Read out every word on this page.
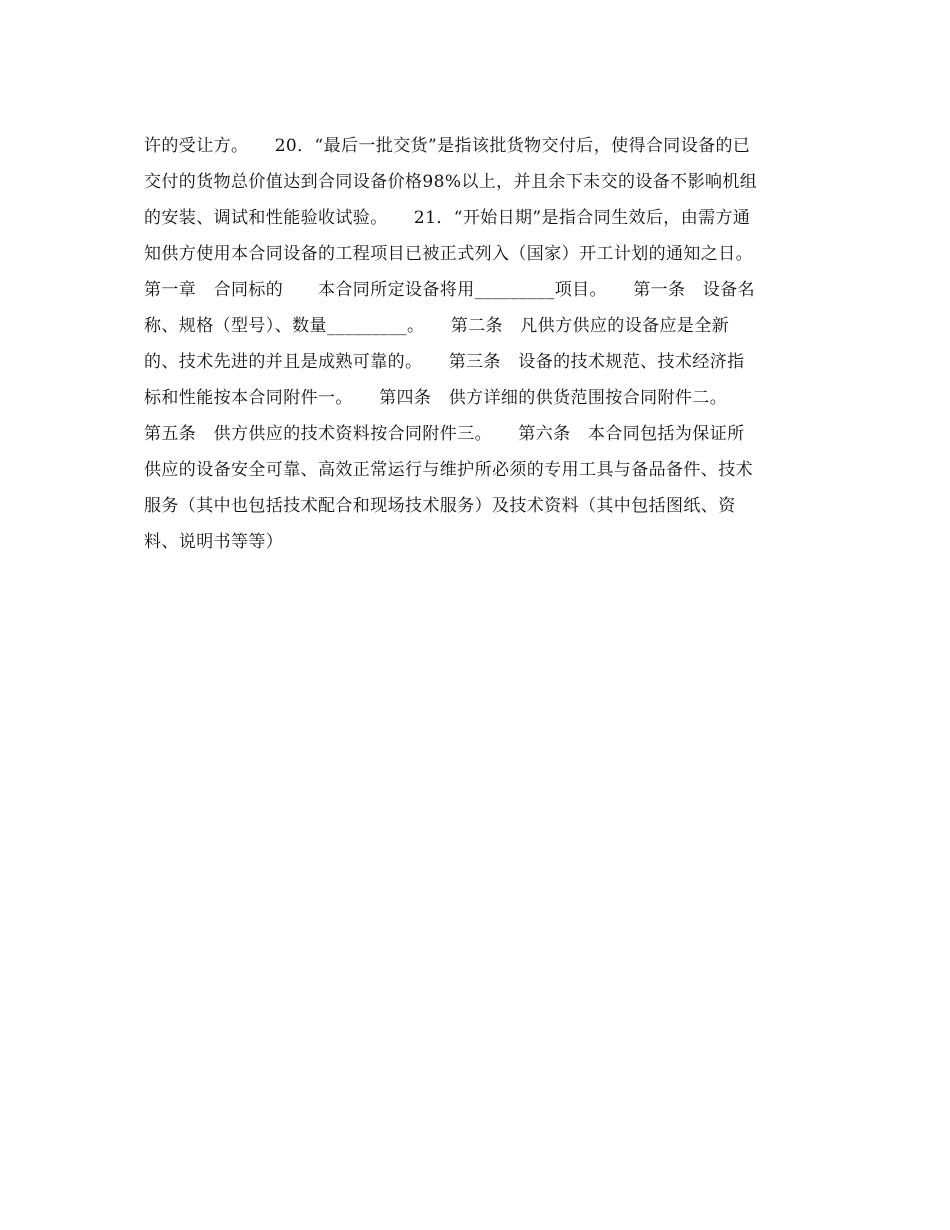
许的受让方。　　20．“最后一批交货”是指该批货物交付后，使得合同设备的已
交付的货物总价值达到合同设备价格98%以上，并且余下未交的设备不影响机组
的安装、调试和性能验收试验。　　21．“开始日期”是指合同生效后，由需方通
知供方使用本合同设备的工程项目已被正式列入（国家）开工计划的通知之日。
第一章　合同标的　　本合同所定设备将用_________项目。　　第一条　设备名
称、规格（型号）、数量_________。　　第二条　凡供方供应的设备应是全新
的、技术先进的并且是成熟可靠的。　　第三条　设备的技术规范、技术经济指
标和性能按本合同附件一。　　第四条　供方详细的供货范围按合同附件二。
第五条　供方供应的技术资料按合同附件三。　　第六条　本合同包括为保证所
供应的设备安全可靠、高效正常运行与维护所必须的专用工具与备品备件、技术
服务（其中也包括技术配合和现场技术服务）及技术资料（其中包括图纸、资
料、说明书等等）
